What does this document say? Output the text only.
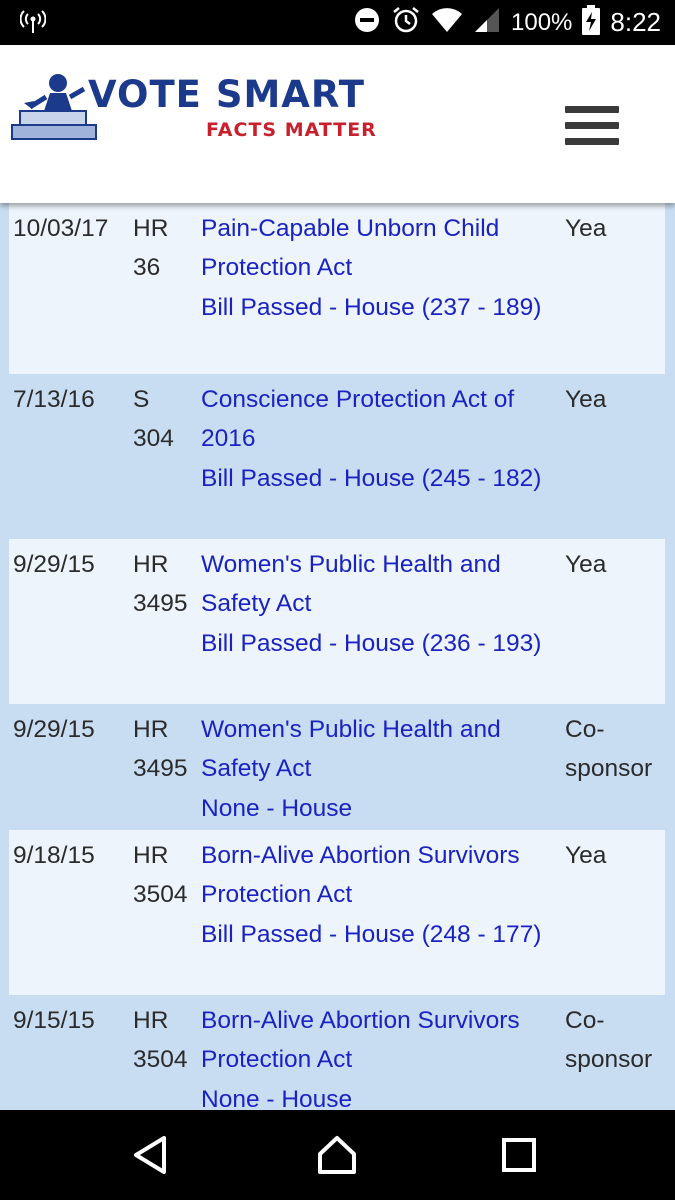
100% 8:22
VOTE SMART
FACTS MATTER
10/03/17 HR
36
Pain-Capable Unborn Child Protection Act
Bill Passed - House (237 - 189)
Yea
7/13/16 S
304
Conscience Protection Act of 2016
Bill Passed - House (245 - 182)
Yea
9/29/15 HR
3495
Women's Public Health and Safety Act
Bill Passed - House (236 - 193)
Yea
9/29/15 HR
3495
Women's Public Health and Safety Act
None - House
Co-
sponsor
9/18/15 HR
3504
Born-Alive Abortion Survivors Protection Act
Bill Passed - House (248 - 177)
Yea
9/15/15 HR
3504
Born-Alive Abortion Survivors Protection Act
None - House
Co-
sponsor
